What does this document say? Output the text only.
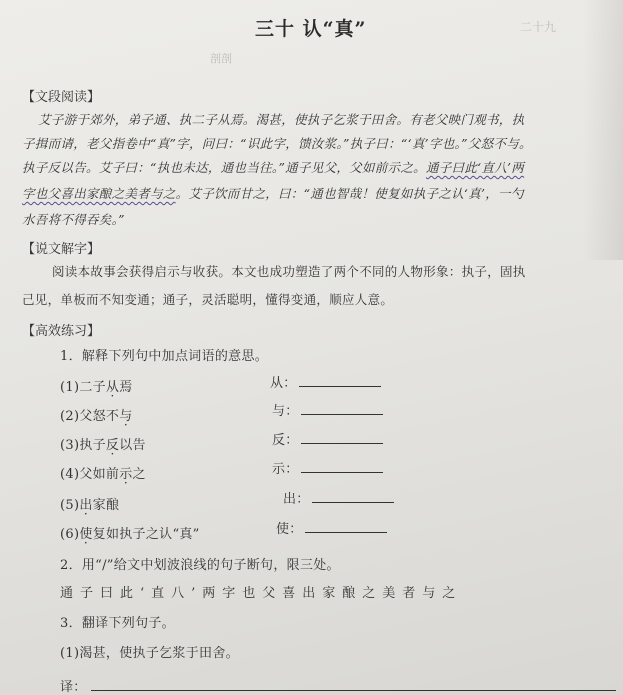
剖剖
二十九
三十 认“真”
【文段阅读】
艾子游于郊外，弟子通、执二子从焉。渴甚，使执子乞浆于田舍。有老父映门观书，执
子揖而请，老父指卷中“真”字，问曰：“识此字，馈汝浆。”执子曰：“‘真’字也。”父怒不与。
执子反以告。艾子曰：“执也未达，通也当往。”通子见父，父如前示之。通子曰此‘直八’两
字也父喜出家酿之美者与之。艾子饮而甘之，曰：“通也智哉！使复如执子之认‘真’，一勺
水吾将不得吞矣。”
【说文解字】
阅读本故事会获得启示与收获。本文也成功塑造了两个不同的人物形象：执子，固执
己见，单板而不知变通；通子，灵活聪明，懂得变通，顺应人意。
【高效练习】
1．解释下列句中加点词语的意思。
(1)二子从焉	从：
(2)父怒不与	与：
(3)执子反以告	反：
(4)父如前示之	示：
(5)出家酿	出：
(6)使复如执子之认“真”	使：
2．用“/”给文中划波浪线的句子断句，限三处。
通子曰此‘直八’两字也父喜出家酿之美者与之
3．翻译下列句子。
(1)渴甚，使执子乞浆于田舍。
译：
